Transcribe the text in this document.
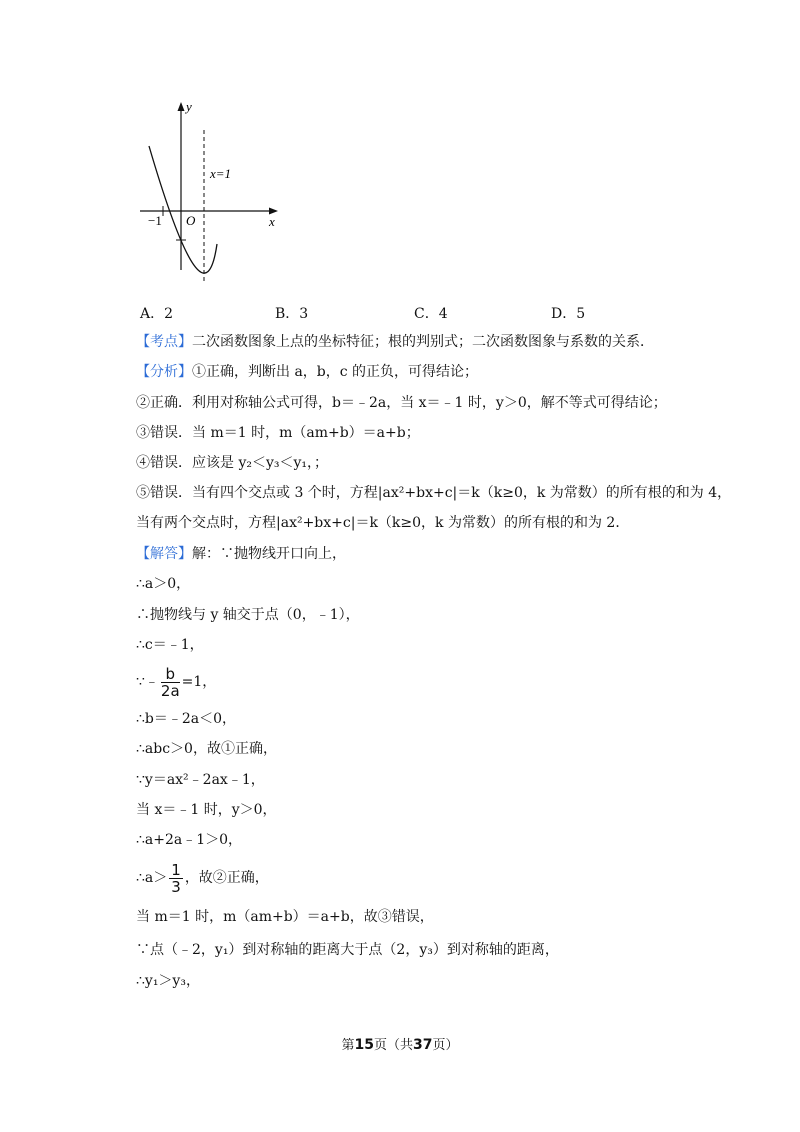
y
x
O
−1
x=1
A．2	B．3	C．4	D．5
【考点】二次函数图象上点的坐标特征；根的判别式；二次函数图象与系数的关系．
【分析】①正确，判断出 a，b，c 的正负，可得结论；
②正确．利用对称轴公式可得，b＝﹣2a，当 x＝﹣1 时，y＞0，解不等式可得结论；
③错误．当 m＝1 时，m（am+b）＝a+b；
④错误．应该是 y₂＜y₃＜y₁，；
⑤错误．当有四个交点或 3 个时，方程|ax²+bx+c|＝k（k≥0，k 为常数）的所有根的和为 4，
当有两个交点时，方程|ax²+bx+c|＝k（k≥0，k 为常数）的所有根的和为 2．
【解答】解：∵抛物线开口向上，
∴a＞0，
∴抛物线与 y 轴交于点（0，﹣1），
∴c＝﹣1，
∵﹣ $\frac{b}{2a} =1$，
∴b＝﹣2a＜0，
∴abc＞0，故①正确，
∵y＝ax²﹣2ax﹣1，
当 x＝﹣1 时，y＞0，
∴a+2a﹣1＞0，
∴a＞ $\frac{1}{3}$ ，故②正确，
当 m＝1 时，m（am+b）＝a+b，故③错误，
∵点（﹣2，y₁）到对称轴的距离大于点（2，y₃）到对称轴的距离，
∴y₁＞y₃，
第15页（共37页）
